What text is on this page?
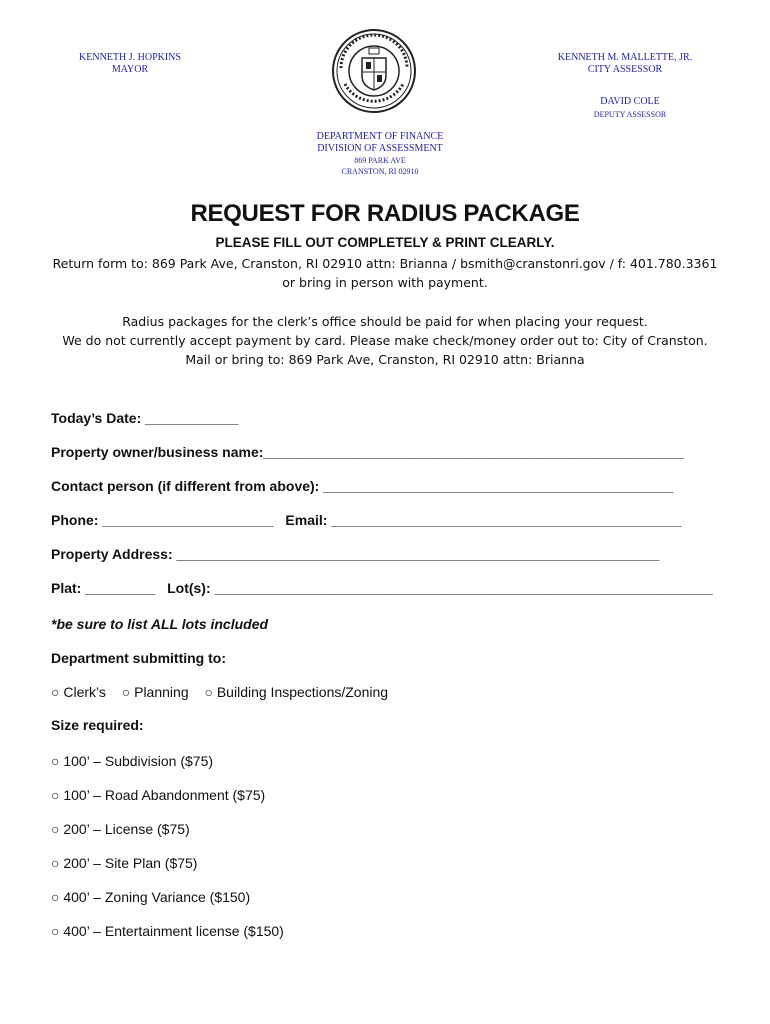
KENNETH J. HOPKINS
MAYOR
KENNETH M. MALLETTE, JR.
CITY ASSESSOR
DAVID COLE
DEPUTY ASSESSOR
DEPARTMENT OF FINANCE
DIVISION OF ASSESSMENT
869 PARK AVE
CRANSTON, RI 02910
REQUEST FOR RADIUS PACKAGE
PLEASE FILL OUT COMPLETELY & PRINT CLEARLY.
Return form to: 869 Park Ave, Cranston, RI 02910 attn: Brianna / bsmith@cranstonri.gov / f: 401.780.3361
or bring in person with payment.
Radius packages for the clerk’s office should be paid for when placing your request.
We do not currently accept payment by card. Please make check/money order out to: City of Cranston.
Mail or bring to: 869 Park Ave, Cranston, RI 02910 attn: Brianna
Today’s Date: ____________
Property owner/business name:______________________________________________________
Contact person (if different from above): _____________________________________________
Phone: ______________________ Email: _____________________________________________
Property Address: ______________________________________________________________
Plat: _________ Lot(s): ________________________________________________________________
*be sure to list ALL lots included
Department submitting to:
○ Clerk’s ○ Planning ○ Building Inspections/Zoning
Size required:
○ 100’ – Subdivision ($75)
○ 100’ – Road Abandonment ($75)
○ 200’ – License ($75)
○ 200’ – Site Plan ($75)
○ 400’ – Zoning Variance ($150)
○ 400’ – Entertainment license ($150)
